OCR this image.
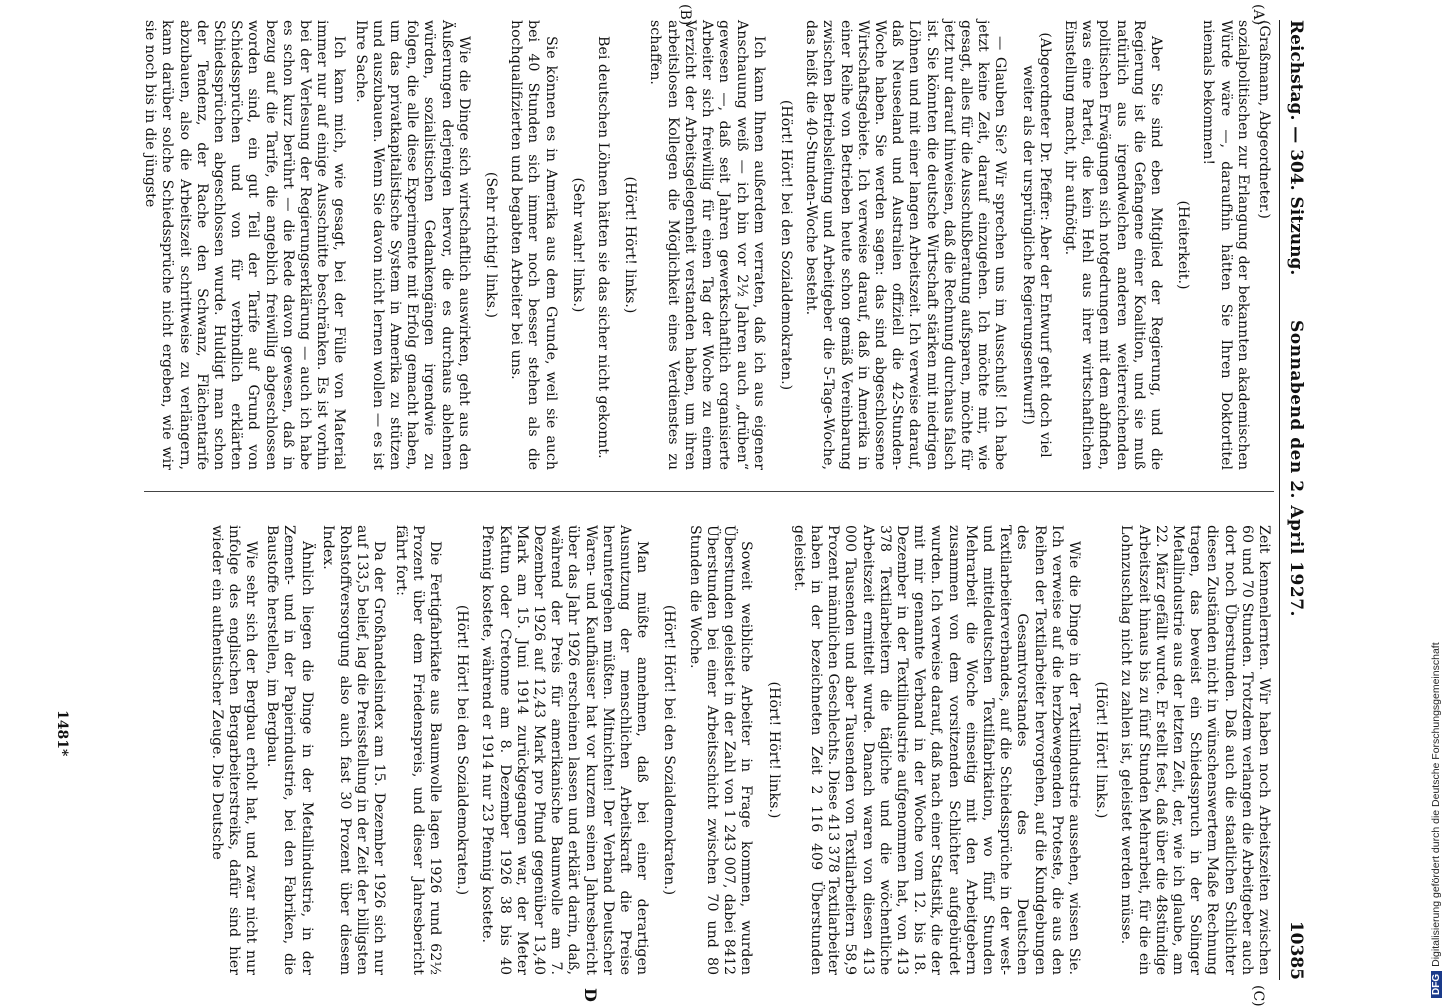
Reichstag. — 304. Sitzung.
Sonnabend den 2. April 1927.
10385
(A)
(B)
(C)
D

(Graßmann, Abgeordneter.)

sozialpolitischen zur Erlangung der bekannten akademischen Würde wäre —, daraufhin hätten Sie Ihren Doktortitel niemals bekommen!

(Heiterkeit.)

Aber Sie sind eben Mitglied der Regierung, und die Regierung ist die Gefangene einer Koalition, und sie muß natürlich aus irgendwelchen anderen weiterreichenden politischen Erwägungen sich notgedrungen mit dem abfinden, was eine Partei, die kein Hehl aus ihrer wirtschaftlichen Einstellung macht, ihr aufnötigt.

(Abgeordneter Dr. Pfeffer: Aber der Entwurf geht doch viel weiter als der ursprüngliche Regierungsentwurf!)

— Glauben Sie? Wir sprechen uns im Ausschuß! Ich habe jetzt keine Zeit, darauf einzugehen. Ich möchte mir, wie gesagt, alles für die Ausschußberatung aufsparen, möchte für jetzt nur darauf hinweisen, daß die Rechnung durchaus falsch ist. Sie könnten die deutsche Wirtschaft stärken mit niedrigen Löhnen und mit einer langen Arbeitszeit. Ich verweise darauf, daß Neuseeland und Australien offiziell die 42-Stunden-Woche haben. Sie werden sagen: das sind abgeschlossene Wirtschaftsgebiete. Ich verweise darauf, daß in Amerika in einer Reihe von Betrieben heute schon gemäß Vereinbarung zwischen Betriebsleitung und Arbeitgeber die 5-Tage-Woche, das heißt die 40-Stunden-Woche besteht.

(Hört! Hört! bei den Sozialdemokraten.)

Ich kann Ihnen außerdem verraten, daß ich aus eigener Anschauung weiß — ich bin vor 2½ Jahren auch „drüben“ gewesen —, daß seit Jahren gewerkschaftlich organisierte Arbeiter sich freiwillig für einen Tag der Woche zu einem Verzicht der Arbeitsgelegenheit verstanden haben, um ihren arbeitslosen Kollegen die Möglichkeit eines Verdienstes zu schaffen.

(Hört! Hört! links.)

Bei deutschen Löhnen hätten sie das sicher nicht gekonnt.

(Sehr wahr! links.)

Sie können es in Amerika aus dem Grunde, weil sie auch bei 40 Stunden sich immer noch besser stehen als die hochqualifizierten und begabten Arbeiter bei uns.

(Sehr richtig! links.)

Wie die Dinge sich wirtschaftlich auswirken, geht aus den Äußerungen derjenigen hervor, die es durchaus ablehnen würden, sozialistischen Gedankengängen irgendwie zu folgen, die alle diese Experimente mit Erfolg gemacht haben, um das privatkapitalistische System in Amerika zu stützen und auszubauen. Wenn Sie davon nicht lernen wollen — es ist Ihre Sache.

Ich kann mich, wie gesagt, bei der Fülle von Material immer nur auf einige Ausschnitte beschränken. Es ist vorhin bei der Verlesung der Regierungserklärung — auch ich habe es schon kurz berührt — die Rede davon gewesen, daß in bezug auf die Tarife, die angeblich freiwillig abgeschlossen worden sind, ein gut Teil der Tarife auf Grund von Schiedssprüchen und von für verbindlich erklärten Schiedssprüchen abgeschlossen wurde. Huldigt man schon der Tendenz, der Rache den Schwanz, Flächentarife abzubauen, also die Arbeitszeit schrittweise zu verlängern, kann darüber solche Schiedssprüche nicht ergeben, wie wir sie noch bis in die jüngste

Zeit kennenlernten. Wir haben noch Arbeitszeiten zwischen 60 und 70 Stunden. Trotzdem verlangen die Arbeitgeber auch dort noch Überstunden. Daß auch die staatlichen Schlichter diesen Zuständen nicht in wünschenswertem Maße Rechnung tragen, das beweist ein Schiedsspruch in der Solinger Metallindustrie aus der letzten Zeit, der, wie ich glaube, am 22. März gefällt wurde. Er stellt fest, daß über die 48stündige Arbeitszeit hinaus bis zu fünf Stunden Mehrarbeit, für die ein Lohnzuschlag nicht zu zahlen ist, geleistet werden müsse.

(Hört! Hört! links.)

Wie die Dinge in der Textilindustrie aussehen, wissen Sie. Ich verweise auf die herzbewegenden Proteste, die aus den Reihen der Textilarbeiter hervorgehen, auf die Kundgebungen des Gesamtvorstandes des Deutschen Textilarbeiterverbandes, auf die Schiedssprüche in der west- und mitteldeutschen Textilfabrikation, wo fünf Stunden Mehrarbeit die Woche einseitig mit den Arbeitgebern zusammen von dem vorsitzenden Schlichter aufgebürdet wurden. Ich verweise darauf, daß nach einer Statistik, die der mit mir genannte Verband in der Woche vom 12. bis 18. Dezember in der Textilindustrie aufgenommen hat, von 413 378 Textilarbeitern die tägliche und die wöchentliche Arbeitszeit ermittelt wurde. Danach waren von diesen 413 000 Tausenden und aber Tausenden von Textilarbeitern 58,9 Prozent männlichen Geschlechts. Diese 413 378 Textilarbeiter haben in der bezeichneten Zeit 2 116 409 Überstunden geleistet.

(Hört! Hört! links.)

Soweit weibliche Arbeiter in Frage kommen, wurden Überstunden geleistet in der Zahl von 1 243 007, dabei 8412 Überstunden bei einer Arbeitsschicht zwischen 70 und 80 Stunden die Woche.

(Hört! Hört! bei den Sozialdemokraten.)

Man müßte annehmen, daß bei einer derartigen Ausnutzung der menschlichen Arbeitskraft die Preise heruntergehen müßten. Mitnichten! Der Verband Deutscher Waren- und Kaufhäuser hat vor kurzem seinen Jahresbericht über das Jahr 1926 erscheinen lassen und erklärt darin, daß, während der Preis für amerikanische Baumwolle am 7. Dezember 1926 auf 12,43 Mark pro Pfund gegenüber 13,40 Mark am 15. Juni 1914 zurückgegangen war, der Meter Kattun oder Cretonne am 8. Dezember 1926 38 bis 40 Pfennig kostete, während er 1914 nur 23 Pfennig kostete.

(Hört! Hört! bei den Sozialdemokraten.)

Die Fertigfabrikate aus Baumwolle lagen 1926 rund 62½ Prozent über dem Friedenspreis, und dieser Jahresbericht fährt fort:

Da der Großhandelsindex am 15. Dezember 1926 sich nur auf 133,5 belief, lag die Preisstellung in der Zeit der billigsten Rohstoffversorgung also auch fast 30 Prozent über diesem Index.

Ähnlich liegen die Dinge in der Metallindustrie, in der Zement- und in der Papierindustrie, bei den Fabriken, die Baustoffe herstellen, im Bergbau.

Wie sehr sich der Bergbau erholt hat, und zwar nicht nur infolge des englischen Bergarbeiterstreiks, dafür sind hier wieder ein authentischer Zeuge. Die Deutsche

1481*
DFGDigitalisierung gefördert durch die Deutsche Forschungsgemeinschaft
